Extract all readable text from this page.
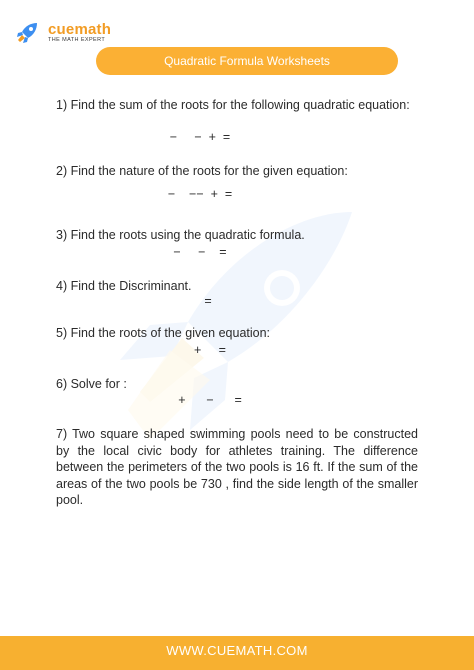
cuemath
THE MATH EXPERT
Quadratic Formula Worksheets

1) Find the sum of the roots for the following quadratic equation:

−     −  +  =

2) Find the nature of the roots for the given equation:

−    −−  +  =

3) Find the roots using the quadratic formula.

−     −    =

4) Find the Discriminant.

=

5) Find the roots of the given equation:

+     =

6) Solve for :

+      −      =

7) Two square shaped swimming pools need to be constructed by the local civic body for athletes training. The difference between the perimeters of the two pools is 16 ft. If the sum of the areas of the two pools be 730 , find the side length of the smaller pool.

WWW.CUEMATH.COM
